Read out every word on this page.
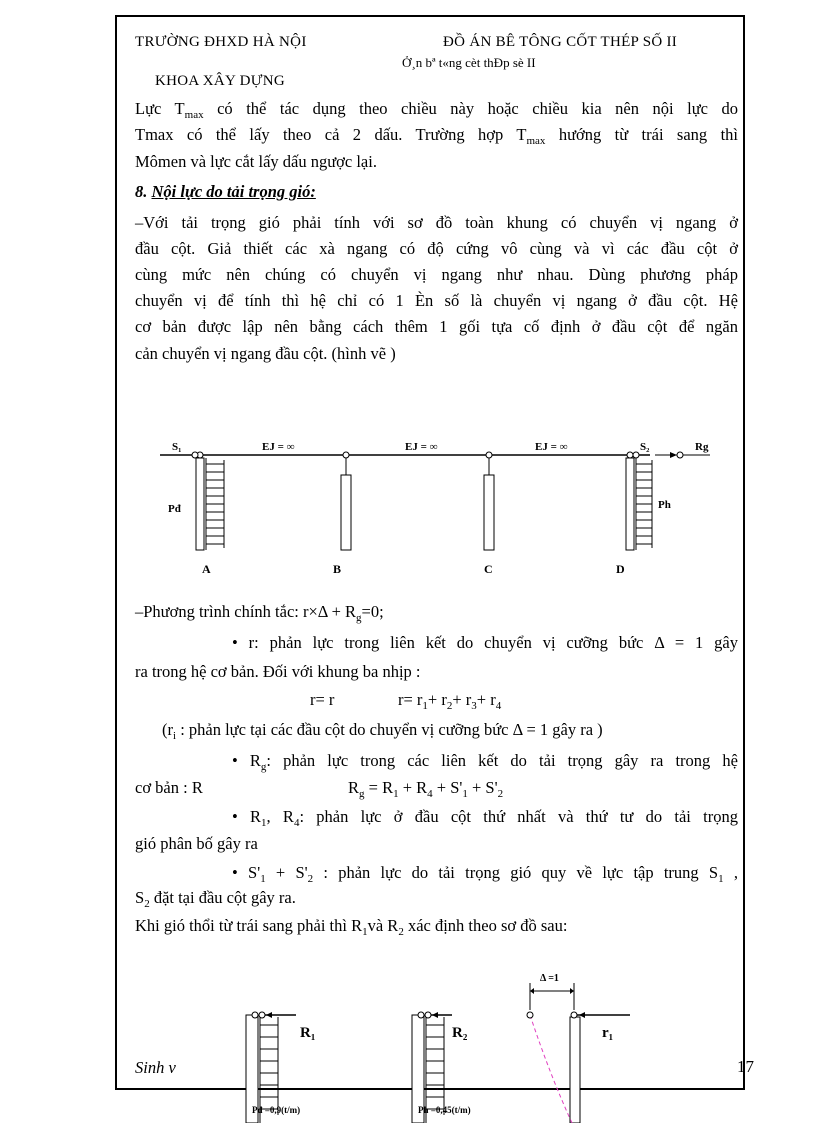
TRƯỜNG ĐHXD HÀ NỘI	ĐỒ ÁN BÊ TÔNG CỐT THÉP SỐ II
Ở¸n bª t«ng cèt thÐp sè II
KHOA XÂY DỰNG
Lực $T_{max}$ có thể tác dụng theo chiều này hoặc chiều kia nên nội lực do
Tmax có thể lấy theo cả 2 dấu. Trường hợp $T_{max}$ hướng từ trái sang thì
Mômen và lực cắt lấy dấu ngược lại.
8. Nội lực do tải trọng gió:
–Với tải trọng gió phải tính với sơ đồ toàn khung có chuyển vị ngang ở
đầu cột. Giả thiết các xà ngang có độ cứng vô cùng và vì các đầu cột ở
cùng mức nên chúng có chuyển vị ngang như nhau. Dùng phương pháp
chuyển vị để tính thì hệ chỉ có 1 Èn số là chuyển vị ngang ở đầu cột. Hệ
cơ bản được lập nên bằng cách thêm 1 gối tựa cố định ở đầu cột để ngăn
cản chuyển vị ngang đầu cột. (hình vẽ )
S₁	EJ = ∞	EJ = ∞	EJ = ∞	S₂	Rg
Pđ	Ph
A	B	C	D
–Phương trình chính tắc: $r\times\Delta + R_g=0$;
• r: phản lực trong liên kết do chuyển vị cưỡng bức Δ = 1 gây
ra trong hệ cơ bản. Đối với khung ba nhịp :
r= r	$r= r_1+ r_2+ r_3+ r_4$
($r_i$ : phản lực tại các đầu cột do chuyển vị cưỡng bức Δ = 1 gây ra )
• $R_g$: phản lực trong các liên kết do tải trọng gây ra trong hệ
cơ bản : R	$R_g = R_1 + R_4 + S'_1 + S'_2$
• $R_1$, $R_4$: phản lực ở đầu cột thứ nhất và thứ tư do tải trọng
gió phân bố gây ra
• $S'_1 + S'_2$ : phản lực do tải trọng gió quy về lực tập trung $S_1$ ,
$S_2$ đặt tại đầu cột gây ra.
Khi gió thổi từ trái sang phải thì $R_1và$ $R_2$ xác định theo sơ đồ sau:
R₁	R₂	r₁
Δ =1
Pđ =0,9(t/m)	Ph =0,45(t/m)
Sinh v	17
